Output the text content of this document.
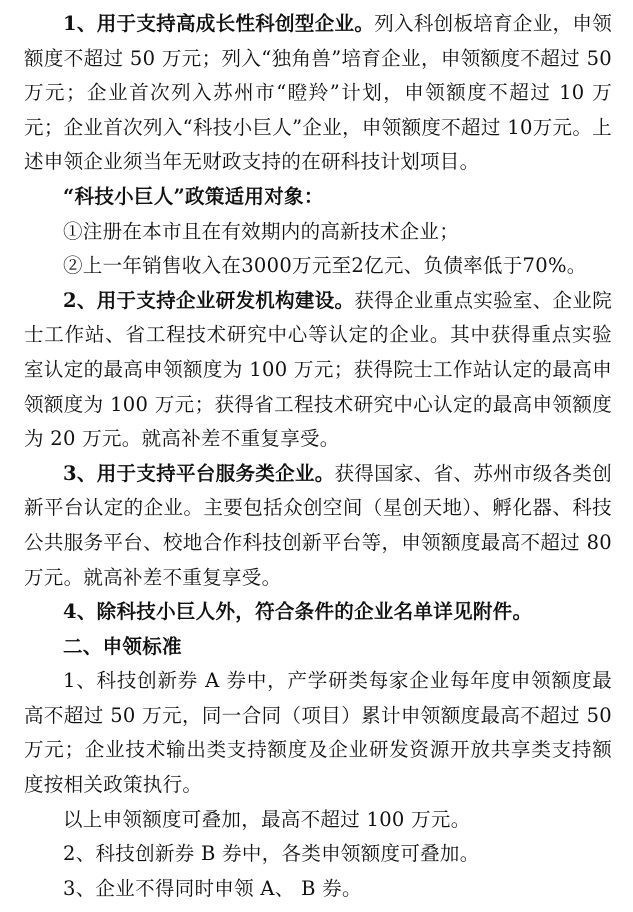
1、用于支持高成长性科创型企业。列入科创板培育企业，申领额度不超过 50 万元；列入“独角兽”培育企业，申领额度不超过 50 万元；企业首次列入苏州市“瞪羚”计划，申领额度不超过 10 万元；企业首次列入“科技小巨人”企业，申领额度不超过 10万元。上述申领企业须当年无财政支持的在研科技计划项目。

“科技小巨人”政策适用对象：

①注册在本市且在有效期内的高新技术企业；

②上一年销售收入在3000万元至2亿元、负债率低于70%。

2、用于支持企业研发机构建设。获得企业重点实验室、企业院士工作站、省工程技术研究中心等认定的企业。其中获得重点实验室认定的最高申领额度为 100 万元；获得院士工作站认定的最高申领额度为 100 万元；获得省工程技术研究中心认定的最高申领额度为 20 万元。就高补差不重复享受。

3、用于支持平台服务类企业。获得国家、省、苏州市级各类创新平台认定的企业。主要包括众创空间（星创天地）、孵化器、科技公共服务平台、校地合作科技创新平台等，申领额度最高不超过 80 万元。就高补差不重复享受。

4、除科技小巨人外，符合条件的企业名单详见附件。

二、申领标准

1、科技创新券 A 券中，产学研类每家企业每年度申领额度最高不超过 50 万元，同一合同（项目）累计申领额度最高不超过 50 万元；企业技术输出类支持额度及企业研发资源开放共享类支持额度按相关政策执行。

以上申领额度可叠加，最高不超过 100 万元。

2、科技创新券 B 券中，各类申领额度可叠加。

3、企业不得同时申领 A、 B 券。
